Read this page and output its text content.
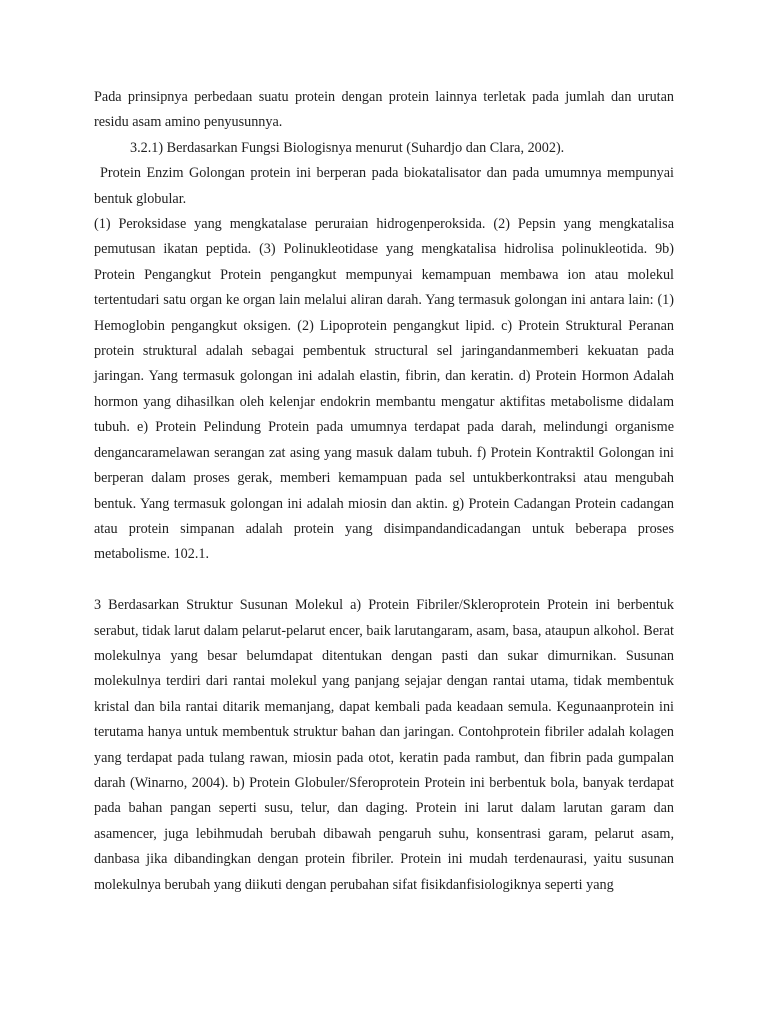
Pada prinsipnya perbedaan suatu protein dengan protein lainnya terletak pada jumlah dan urutan residu asam amino penyusunnya.

3.2.1) Berdasarkan Fungsi Biologisnya menurut (Suhardjo dan Clara, 2002).

Protein Enzim Golongan protein ini berperan pada biokatalisator dan pada umumnya mempunyai bentuk globular.

(1) Peroksidase yang mengkatalase peruraian hidrogenperoksida. (2) Pepsin yang mengkatalisa pemutusan ikatan peptida. (3) Polinukleotidase yang mengkatalisa hidrolisa polinukleotida. 9b) Protein Pengangkut Protein pengangkut mempunyai kemampuan membawa ion atau molekul tertentudari satu organ ke organ lain melalui aliran darah. Yang termasuk golongan ini antara lain: (1) Hemoglobin pengangkut oksigen. (2) Lipoprotein pengangkut lipid. c) Protein Struktural Peranan protein struktural adalah sebagai pembentuk structural sel jaringandanmemberi kekuatan pada jaringan. Yang termasuk golongan ini adalah elastin, fibrin, dan keratin. d) Protein Hormon Adalah hormon yang dihasilkan oleh kelenjar endokrin membantu mengatur aktifitas metabolisme didalam tubuh. e) Protein Pelindung Protein pada umumnya terdapat pada darah, melindungi organisme dengancaramelawan serangan zat asing yang masuk dalam tubuh. f) Protein Kontraktil Golongan ini berperan dalam proses gerak, memberi kemampuan pada sel untukberkontraksi atau mengubah bentuk. Yang termasuk golongan ini adalah miosin dan aktin. g) Protein Cadangan Protein cadangan atau protein simpanan adalah protein yang disimpandandicadangan untuk beberapa proses metabolisme. 102.1.

3 Berdasarkan Struktur Susunan Molekul a) Protein Fibriler/Skleroprotein Protein ini berbentuk serabut, tidak larut dalam pelarut-pelarut encer, baik larutangaram, asam, basa, ataupun alkohol. Berat molekulnya yang besar belumdapat ditentukan dengan pasti dan sukar dimurnikan. Susunan molekulnya terdiri dari rantai molekul yang panjang sejajar dengan rantai utama, tidak membentuk kristal dan bila rantai ditarik memanjang, dapat kembali pada keadaan semula. Kegunaanprotein ini terutama hanya untuk membentuk struktur bahan dan jaringan. Contohprotein fibriler adalah kolagen yang terdapat pada tulang rawan, miosin pada otot, keratin pada rambut, dan fibrin pada gumpalan darah (Winarno, 2004). b) Protein Globuler/Sferoprotein Protein ini berbentuk bola, banyak terdapat pada bahan pangan seperti susu, telur, dan daging. Protein ini larut dalam larutan garam dan asamencer, juga lebihmudah berubah dibawah pengaruh suhu, konsentrasi garam, pelarut asam, danbasa jika dibandingkan dengan protein fibriler. Protein ini mudah terdenaurasi, yaitu susunan molekulnya berubah yang diikuti dengan perubahan sifat fisikdanfisiologiknya seperti yang
